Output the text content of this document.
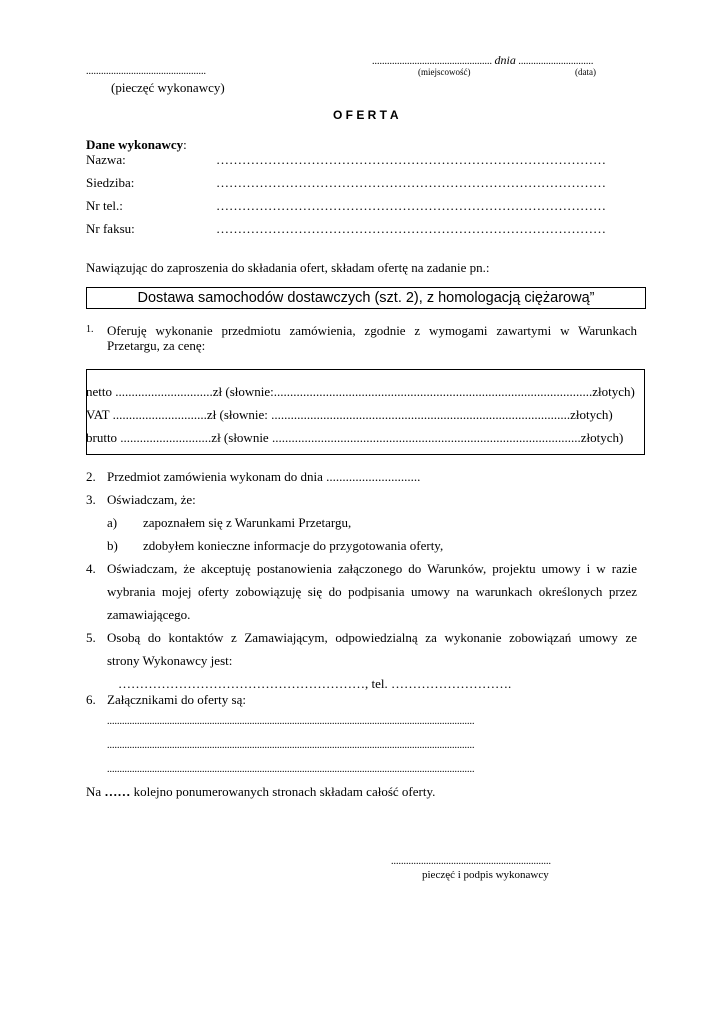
................................................ dnia ..............................
................................................	(miejscowość)	(data)
(pieczęć wykonawcy)
O F E R T A
Dane wykonawcy:
Nazwa:	………………………………………………………………………………
Siedziba:	………………………………………………………………………………
Nr tel.:	………………………………………………………………………………
Nr faksu:	………………………………………………………………………………
Nawiązując do zaproszenia do składania ofert, składam ofertę na zadanie pn.:
Dostawa samochodów dostawczych (szt. 2), z homologacją ciężarową”
1. Oferuję wykonanie przedmiotu zamówienia, zgodnie z wymogami zawartymi w Warunkach
Przetargu, za cenę:
netto ..............................zł (słownie:..................................................................................................złotych)
VAT .............................zł (słownie: ............................................................................................złotych)
brutto ............................zł (słownie ...............................................................................................złotych)
2. Przedmiot zamówienia wykonam do dnia .............................
3. Oświadczam, że:
a) zapoznałem się z Warunkami Przetargu,
b) zdobyłem konieczne informacje do przygotowania oferty,
4. Oświadczam, że akceptuję postanowienia załączonego do Warunków, projektu umowy i w razie
wybrania mojej oferty zobowiązuję się do podpisania umowy na warunkach określonych przez
zamawiającego.
5. Osobą do kontaktów z Zamawiającym, odpowiedzialną za wykonanie zobowiązań umowy ze
strony Wykonawcy jest:
…………………………………………………, tel. ……………………….
6. Załącznikami do oferty są:
...................................................................................................................................................
...................................................................................................................................................
...................................................................................................................................................
Na …… kolejno ponumerowanych stronach składam całość oferty.
................................................................
pieczęć i podpis wykonawcy
